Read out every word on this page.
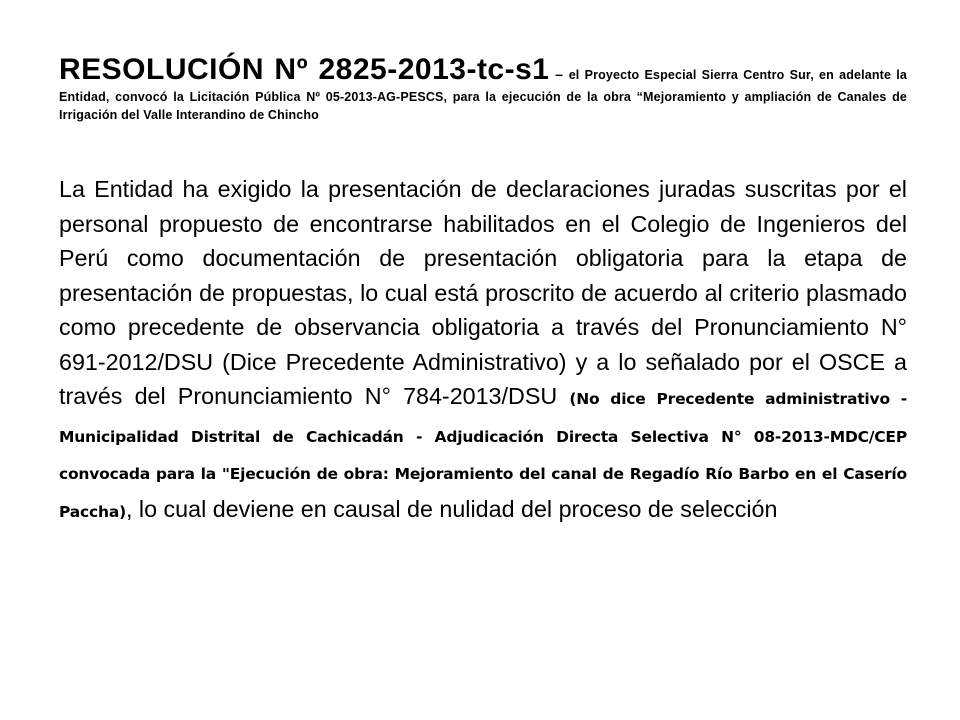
RESOLUCIÓN Nº 2825-2013-tc-s1 – el Proyecto Especial Sierra Centro Sur, en adelante la Entidad, convocó la Licitación Pública Nº 05-2013-AG-PESCS, para la ejecución de la obra “Mejoramiento y ampliación de Canales de Irrigación del Valle Interandino de Chincho
La Entidad ha exigido la presentación de declaraciones juradas suscritas por el personal propuesto de encontrarse habilitados en el Colegio de Ingenieros del Perú como documentación de presentación obligatoria para la etapa de presentación de propuestas, lo cual está proscrito de acuerdo al criterio plasmado como precedente de observancia obligatoria a través del Pronunciamiento N° 691-2012/DSU (Dice Precedente Administrativo) y a lo señalado por el OSCE a través del Pronunciamiento N° 784-2013/DSU (No dice Precedente administrativo - Municipalidad Distrital de Cachicadán - Adjudicación Directa Selectiva N° 08-2013-MDC/CEP convocada para la "Ejecución de obra: Mejoramiento del canal de Regadío Río Barbo en el Caserío Paccha), lo cual deviene en causal de nulidad del proceso de selección
